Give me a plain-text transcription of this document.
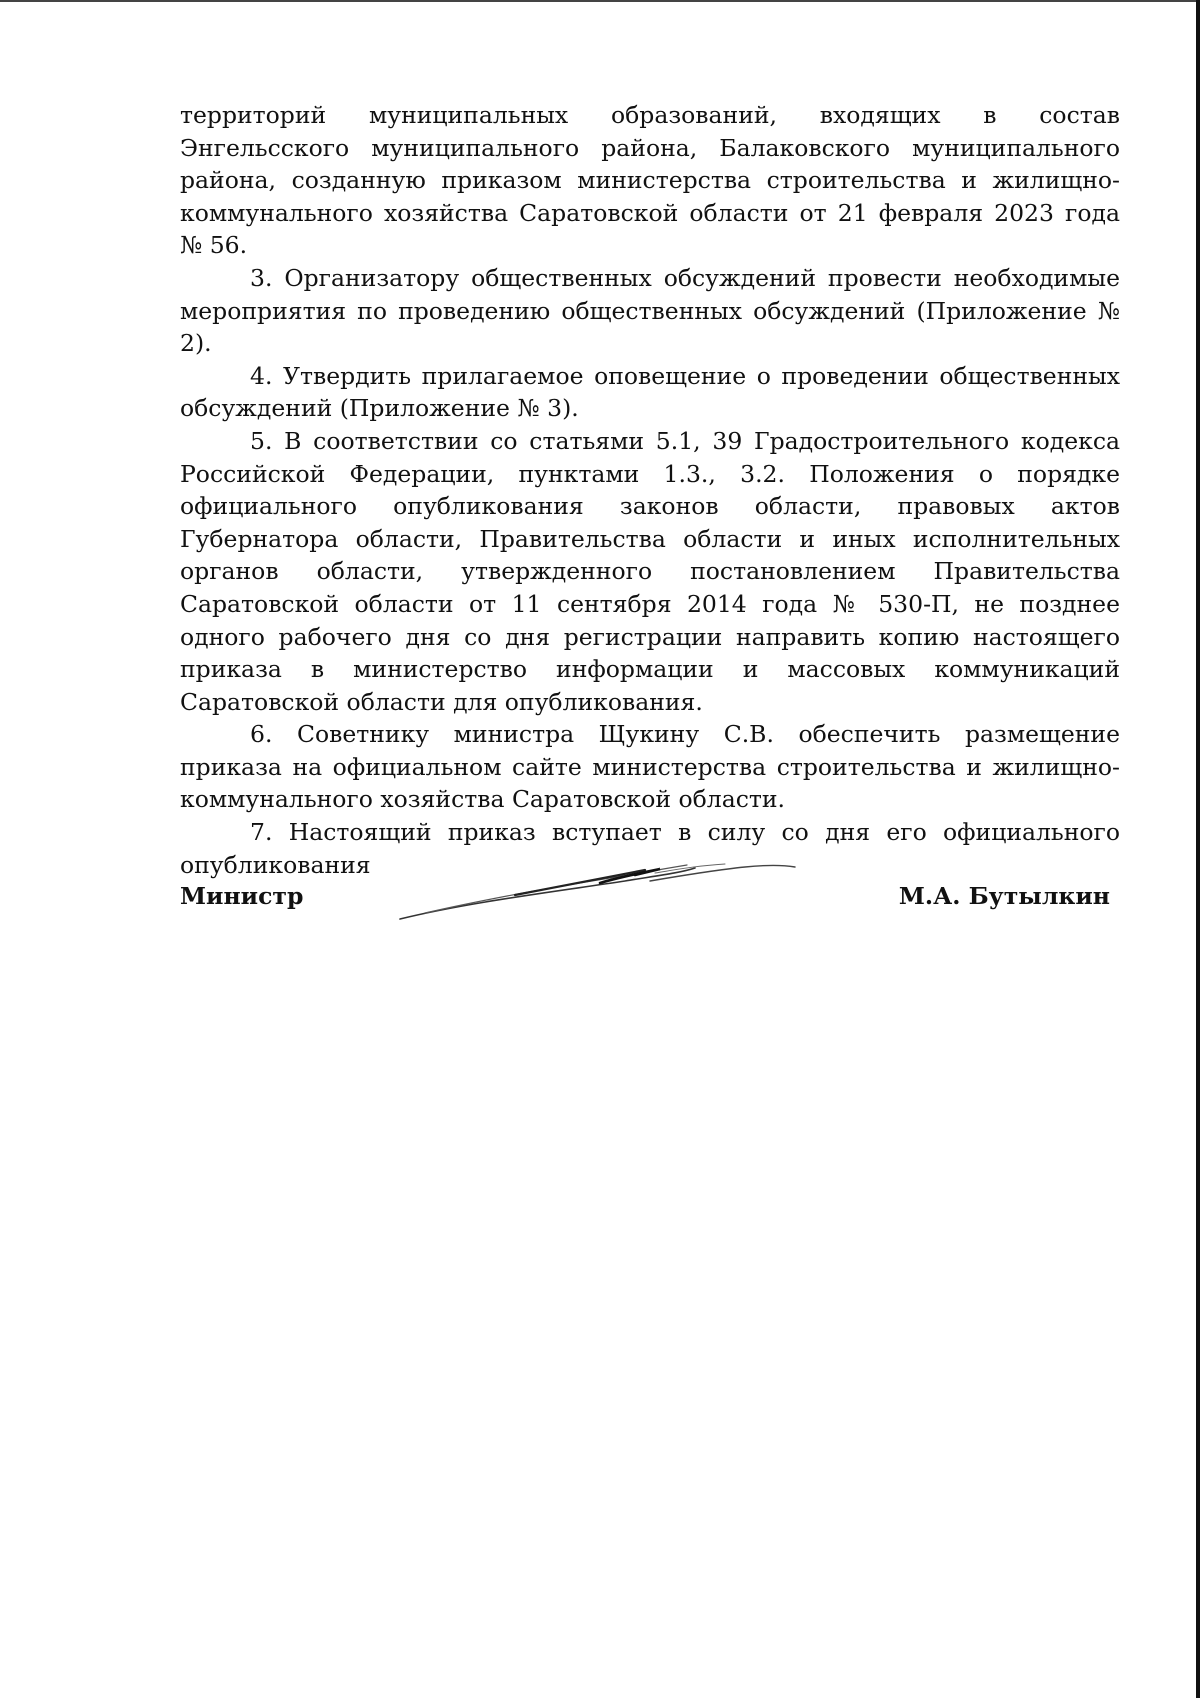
территорий муниципальных образований, входящих в состав Энгельсского муниципального района, Балаковского муниципального района, созданную приказом министерства строительства и жилищно-коммунального хозяйства Саратовской области от 21 февраля 2023 года № 56.

3. Организатору общественных обсуждений провести необходимые мероприятия по проведению общественных обсуждений (Приложение № 2).

4. Утвердить прилагаемое оповещение о проведении общественных обсуждений (Приложение № 3).

5. В соответствии со статьями 5.1, 39 Градостроительного кодекса Российской Федерации, пунктами 1.3., 3.2. Положения о порядке официального опубликования законов области, правовых актов Губернатора области, Правительства области и иных исполнительных органов области, утвержденного постановлением Правительства Саратовской области от 11 сентября 2014 года № 530-П, не позднее одного рабочего дня со дня регистрации направить копию настоящего приказа в министерство информации и массовых коммуникаций Саратовской области для опубликования.

6. Советнику министра Щукину С.В. обеспечить размещение приказа на официальном сайте министерства строительства и жилищно-коммунального хозяйства Саратовской области.

7. Настоящий приказ вступает в силу со дня его официального опубликования

Министр	М.А. Бутылкин
